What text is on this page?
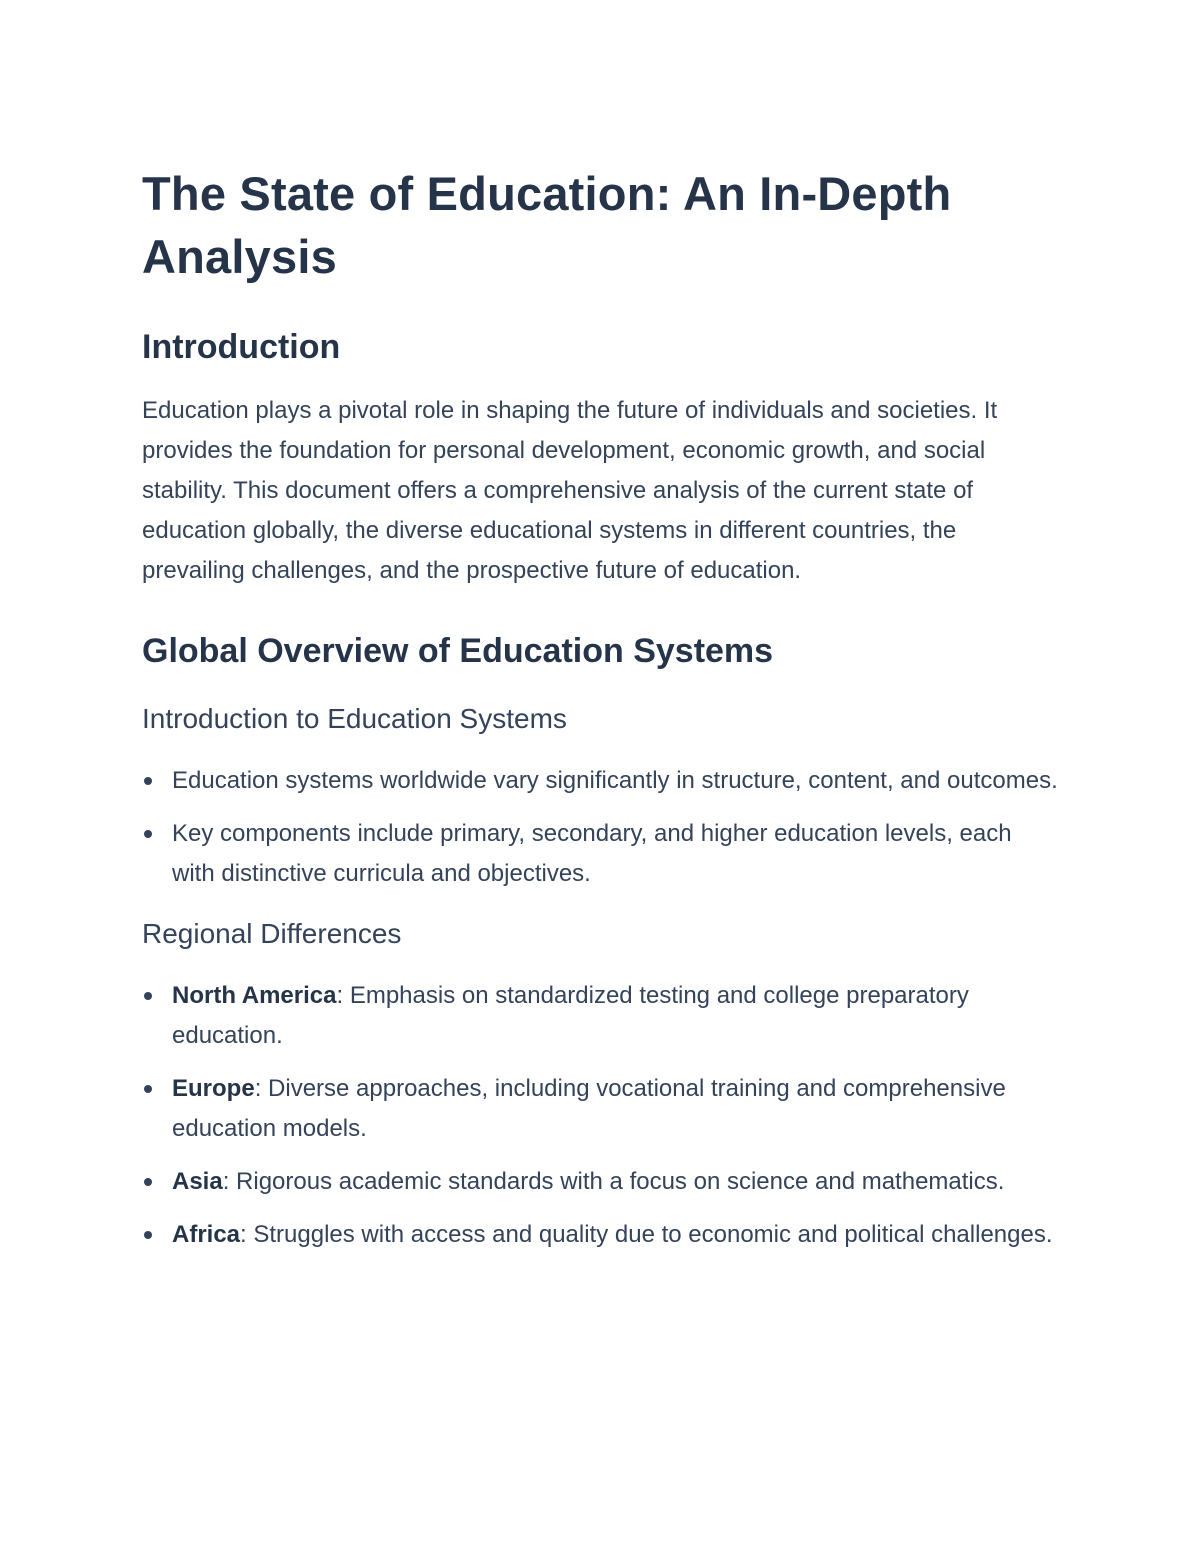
The State of Education: An In-Depth Analysis
Introduction

Education plays a pivotal role in shaping the future of individuals and societies. It provides the foundation for personal development, economic growth, and social stability. This document offers a comprehensive analysis of the current state of education globally, the diverse educational systems in different countries, the prevailing challenges, and the prospective future of education.

Global Overview of Education Systems
Introduction to Education Systems
Education systems worldwide vary significantly in structure, content, and outcomes.
Key components include primary, secondary, and higher education levels, each with distinctive curricula and objectives.
Regional Differences
North America: Emphasis on standardized testing and college preparatory education.
Europe: Diverse approaches, including vocational training and comprehensive education models.
Asia: Rigorous academic standards with a focus on science and mathematics.
Africa: Struggles with access and quality due to economic and political challenges.
